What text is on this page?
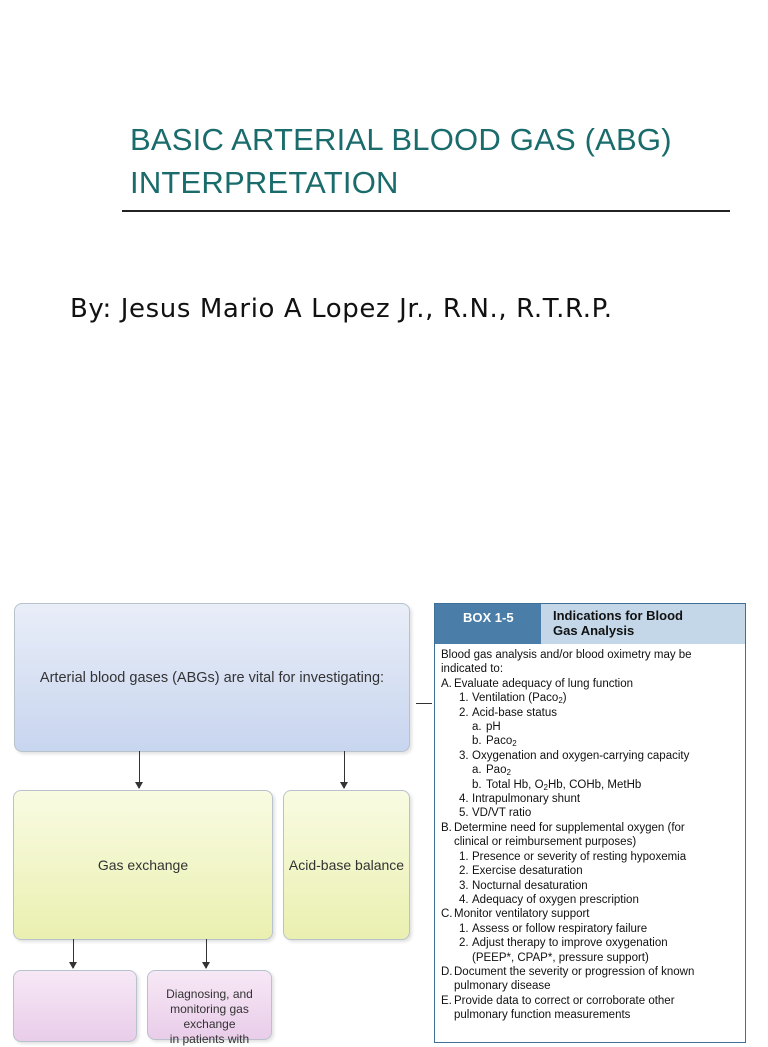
BASIC ARTERIAL BLOOD GAS (ABG)
INTERPRETATION
By: Jesus Mario A Lopez Jr., R.N., R.T.R.P.
Arterial blood gases (ABGs) are vital for investigating:
Gas exchange	Acid-base balance
Diagnosing, and
monitoring gas exchange
in patients with
BOX 1-5	Indications for Blood
Gas Analysis
Blood gas analysis and/or blood oximetry may be
indicated to:
A. Evaluate adequacy of lung function
1. Ventilation (Paco$_2$)
2. Acid-base status
a. pH
b. Paco$_2$
3. Oxygenation and oxygen-carrying capacity
a. Pao$_2$
b. Total Hb, $O_2Hb$, COHb, MetHb
4. Intrapulmonary shunt
5. VD/VT ratio
B. Determine need for supplemental oxygen (for
clinical or reimbursement purposes)
1. Presence or severity of resting hypoxemia
2. Exercise desaturation
3. Nocturnal desaturation
4. Adequacy of oxygen prescription
C. Monitor ventilatory support
1. Assess or follow respiratory failure
2. Adjust therapy to improve oxygenation
(PEEP*, CPAP*, pressure support)
D. Document the severity or progression of known
pulmonary disease
E. Provide data to correct or corroborate other
pulmonary function measurements
